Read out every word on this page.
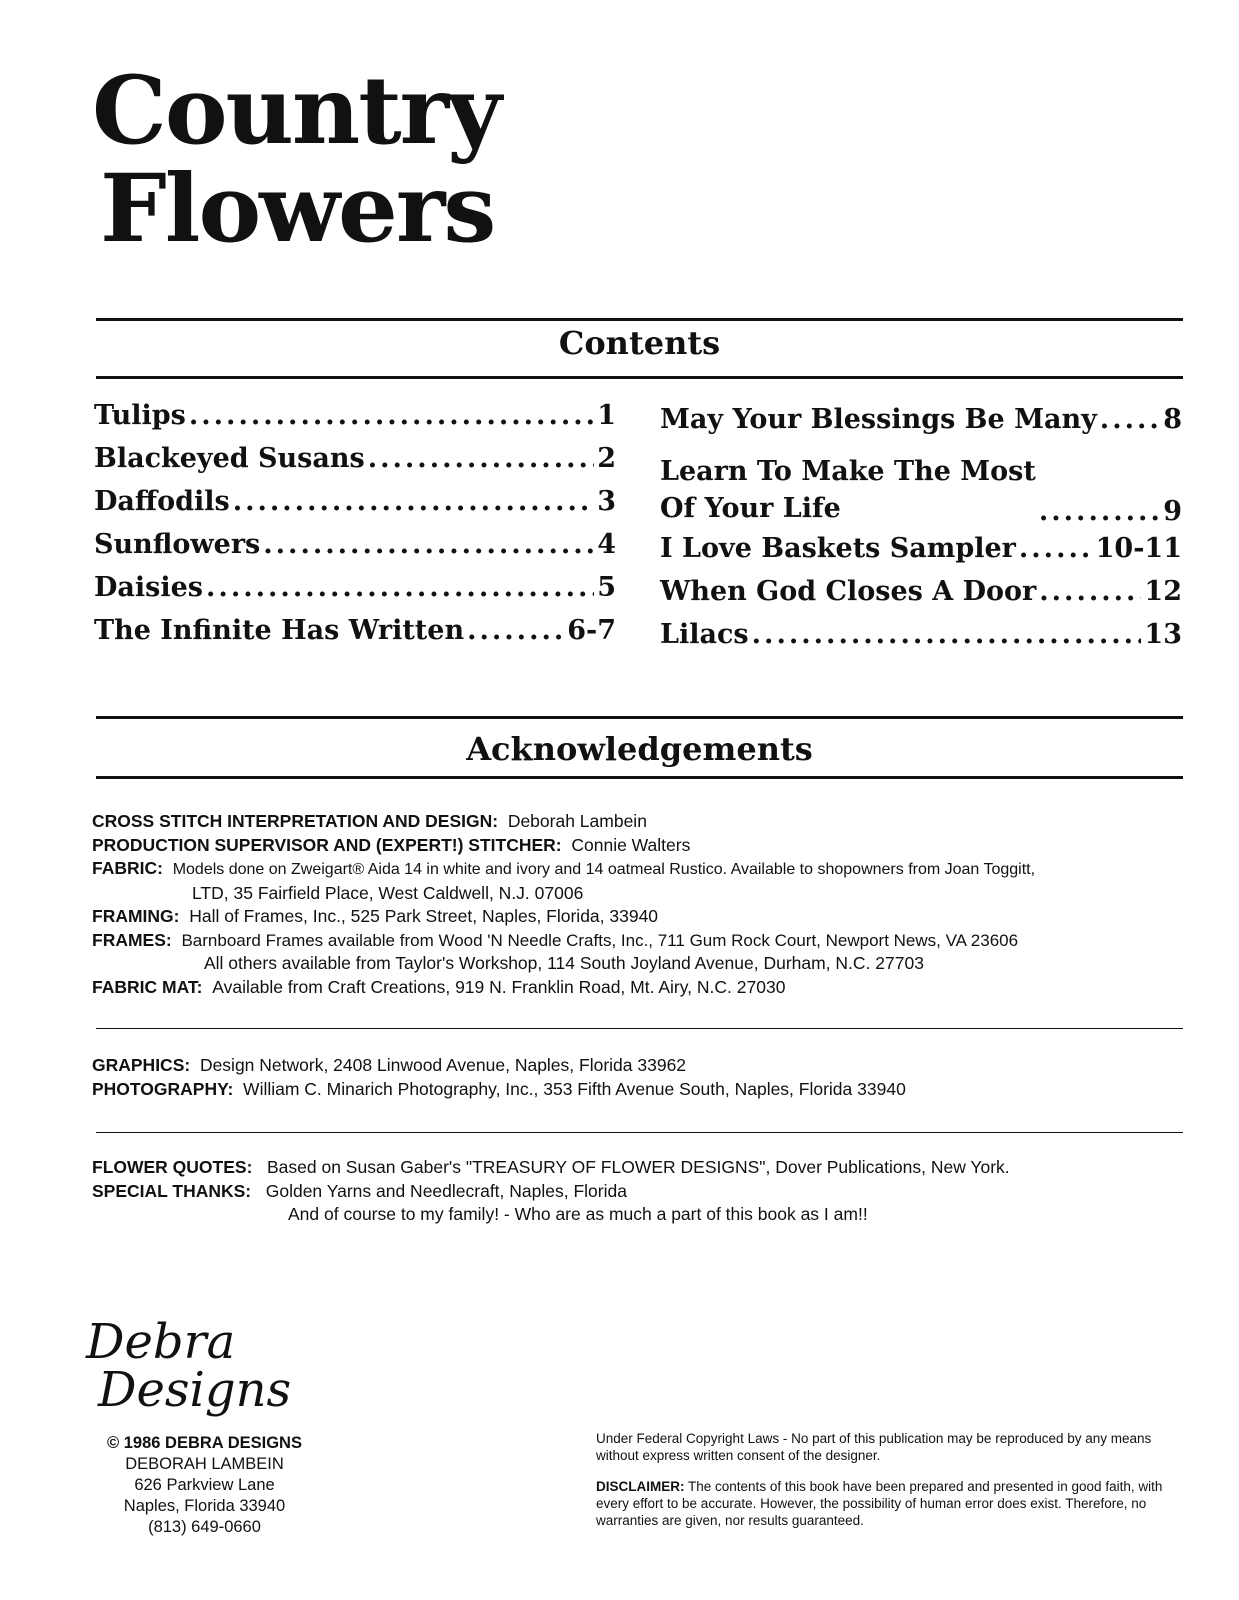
Country
Flowers
Contents
Tulips .....	1
Blackeyed Susans .....	2
Daffodils .....	3
Sunflowers .....	4
Daisies .....	5
The Infinite Has Written .....	6-7
May Your Blessings Be Many ..... 8
Learn To Make The Most
Of Your Life .....	9
I Love Baskets Sampler .....	10-11
When God Closes A Door .....	12
Lilacs .....	13
Acknowledgements
CROSS STITCH INTERPRETATION AND DESIGN: Deborah Lambein
PRODUCTION SUPERVISOR AND (EXPERT!) STITCHER: Connie Walters
FABRIC: Models done on Zweigart® Aida 14 in white and ivory and 14 oatmeal Rustico. Available to shopowners from Joan Toggitt,
LTD, 35 Fairfield Place, West Caldwell, N.J. 07006
FRAMING: Hall of Frames, Inc., 525 Park Street, Naples, Florida, 33940
FRAMES: Barnboard Frames available from Wood 'N Needle Crafts, Inc., 711 Gum Rock Court, Newport News, VA 23606
All others available from Taylor's Workshop, 114 South Joyland Avenue, Durham, N.C. 27703
FABRIC MAT: Available from Craft Creations, 919 N. Franklin Road, Mt. Airy, N.C. 27030
GRAPHICS: Design Network, 2408 Linwood Avenue, Naples, Florida 33962
PHOTOGRAPHY: William C. Minarich Photography, Inc., 353 Fifth Avenue South, Naples, Florida 33940
FLOWER QUOTES: Based on Susan Gaber's "TREASURY OF FLOWER DESIGNS", Dover Publications, New York.
SPECIAL THANKS: Golden Yarns and Needlecraft, Naples, Florida
And of course to my family! - Who are as much a part of this book as I am!!
Debra
Designs
© 1986 DEBRA DESIGNS
DEBORAH LAMBEIN
626 Parkview Lane
Naples, Florida 33940
(813) 649-0660

Under Federal Copyright Laws - No part of this publication may be reproduced by any means without express written consent of the designer.

DISCLAIMER: The contents of this book have been prepared and presented in good faith, with every effort to be accurate. However, the possibility of human error does exist. Therefore, no warranties are given, nor results guaranteed.
